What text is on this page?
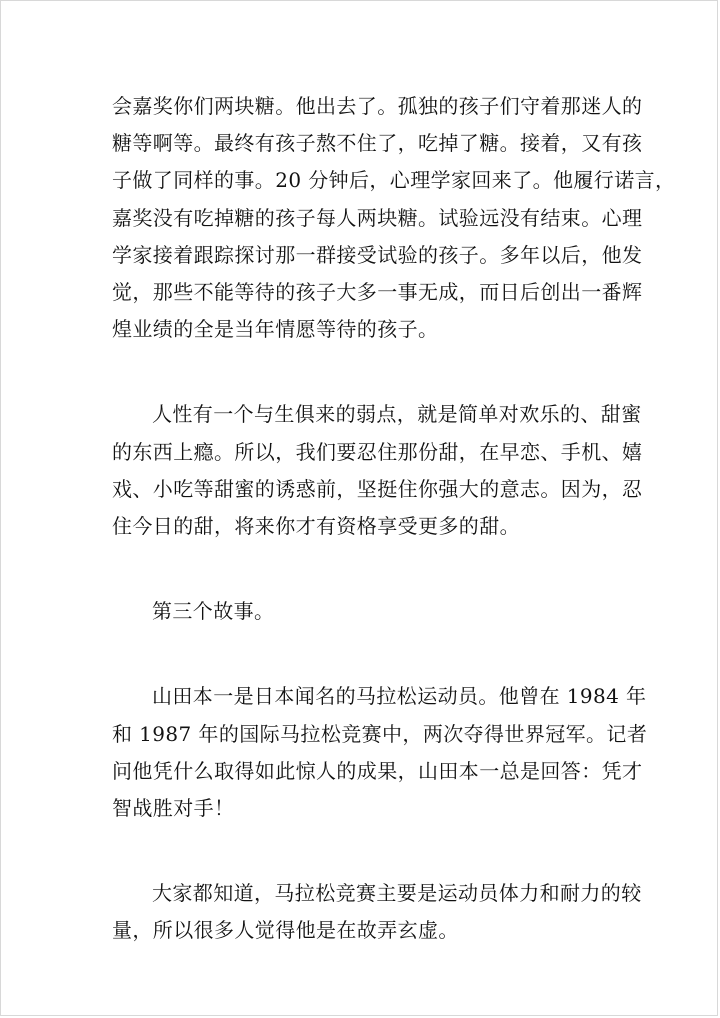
会嘉奖你们两块糖。他出去了。孤独的孩子们守着那迷人的
糖等啊等。最终有孩子熬不住了，吃掉了糖。接着，又有孩
子做了同样的事。20 分钟后，心理学家回来了。他履行诺言，
嘉奖没有吃掉糖的孩子每人两块糖。试验远没有结束。心理
学家接着跟踪探讨那一群接受试验的孩子。多年以后，他发
觉，那些不能等待的孩子大多一事无成，而日后创出一番辉
煌业绩的全是当年情愿等待的孩子。

人性有一个与生俱来的弱点，就是简单对欢乐的、甜蜜
的东西上瘾。所以，我们要忍住那份甜，在早恋、手机、嬉
戏、小吃等甜蜜的诱惑前，坚挺住你强大的意志。因为，忍
住今日的甜，将来你才有资格享受更多的甜。

第三个故事。

山田本一是日本闻名的马拉松运动员。他曾在 1984 年
和 1987 年的国际马拉松竞赛中，两次夺得世界冠军。记者
问他凭什么取得如此惊人的成果，山田本一总是回答：凭才
智战胜对手！

大家都知道，马拉松竞赛主要是运动员体力和耐力的较
量，所以很多人觉得他是在故弄玄虚。
